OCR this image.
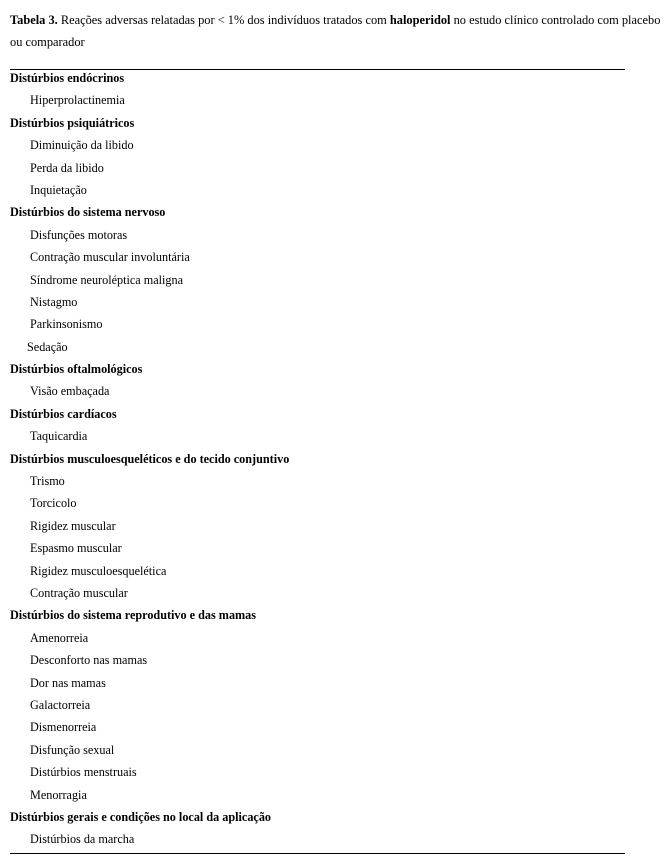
Tabela 3. Reações adversas relatadas por < 1% dos indivíduos tratados com haloperidol no estudo clínico controlado com placebo ou comparador
Distúrbios endócrinos
Hiperprolactinemia
Distúrbios psiquiátricos
Diminuição da libido
Perda da libido
Inquietação
Distúrbios do sistema nervoso
Disfunções motoras
Contração muscular involuntária
Síndrome neuroléptica maligna
Nistagmo
Parkinsonismo
Sedação
Distúrbios oftalmológicos
Visão embaçada
Distúrbios cardíacos
Taquicardia
Distúrbios musculoesqueléticos e do tecido conjuntivo
Trismo
Torcicolo
Rigidez muscular
Espasmo muscular
Rigidez musculoesquelética
Contração muscular
Distúrbios do sistema reprodutivo e das mamas
Amenorreia
Desconforto nas mamas
Dor nas mamas
Galactorreia
Dismenorreia
Disfunção sexual
Distúrbios menstruais
Menorragia
Distúrbios gerais e condições no local da aplicação
Distúrbios da marcha
